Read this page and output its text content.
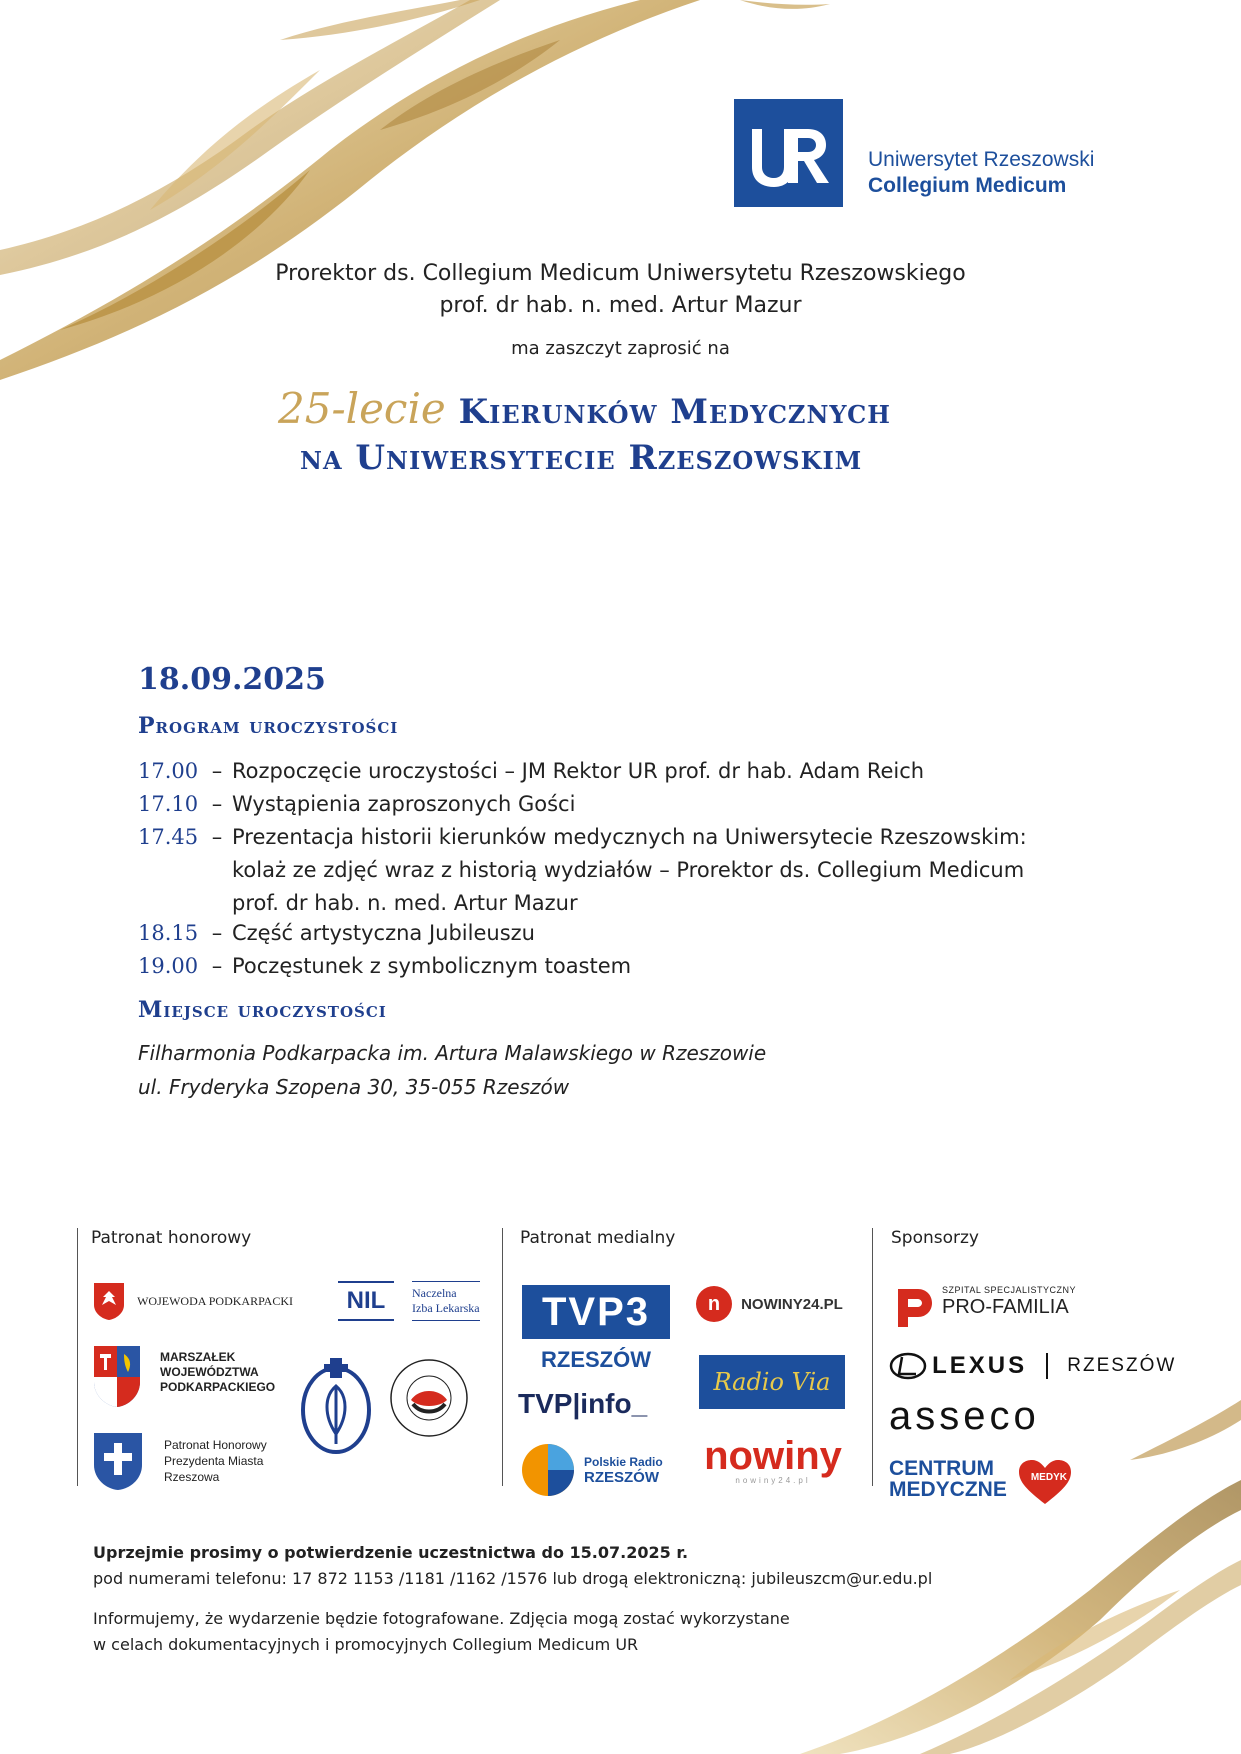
Uniwersytet Rzeszowski
Collegium Medicum
Prorektor ds. Collegium Medicum Uniwersytetu Rzeszowskiego
prof. dr hab. n. med. Artur Mazur
ma zaszczyt zaprosić na
25-lecie Kierunków Medycznych
na Uniwersytecie Rzeszowskim
18.09.2025
Program uroczystości
17.00 – Rozpoczęcie uroczystości – JM Rektor UR prof. dr hab. Adam Reich
17.10 – Wystąpienia zaproszonych Gości
17.45 – Prezentacja historii kierunków medycznych na Uniwersytecie Rzeszowskim: kolaż ze zdjęć wraz z historią wydziałów – Prorektor ds. Collegium Medicum prof. dr hab. n. med. Artur Mazur
18.15 – Część artystyczna Jubileuszu
19.00 – Poczęstunek z symbolicznym toastem
Miejsce uroczystości
Filharmonia Podkarpacka im. Artura Malawskiego w Rzeszowie
ul. Fryderyka Szopena 30, 35-055 Rzeszów
Patronat honorowy	Patronat medialny	Sponsorzy
WOJEWODA PODKARPACKI	NIL	Naczelna
Izba Lekarska
MARSZAŁEK
WOJEWÓDZTWA
PODKARPACKIEGO
Patronat Honorowy
Prezydenta Miasta
Rzeszowa
TVP3
RZESZÓW
TVP|info_
Polskie Radio
RZESZÓW
n NOWINY24.PL
Radio Via
nowiny
nowiny24.pl
SZPITAL SPECJALISTYCZNY
PRO-FAMILIA
LEXUS RZESZÓW
asseco
CENTRUM
MEDYCZNE
MEDYK
Uprzejmie prosimy o potwierdzenie uczestnictwa do 15.07.2025 r.
pod numerami telefonu: 17 872 1153 /1181 /1162 /1576 lub drogą elektroniczną: jubileuszcm@ur.edu.pl
Informujemy, że wydarzenie będzie fotografowane. Zdjęcia mogą zostać wykorzystane
w celach dokumentacyjnych i promocyjnych Collegium Medicum UR
